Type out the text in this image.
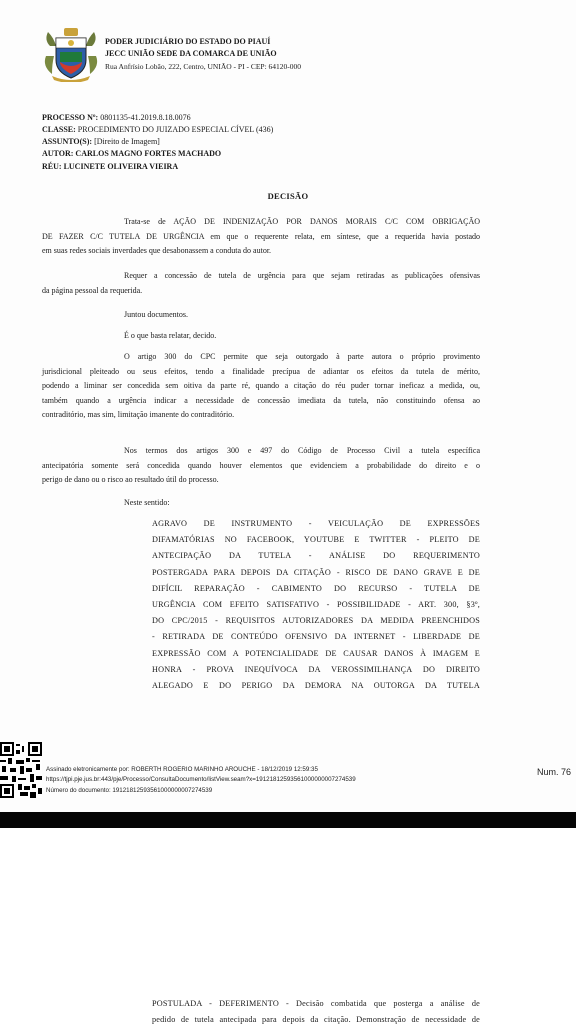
PODER JUDICIÁRIO DO ESTADO DO PIAUÍ
JECC UNIÃO SEDE DA COMARCA DE UNIÃO
Rua Anfrísio Lobão, 222, Centro, UNIÃO - PI - CEP: 64120-000
PROCESSO Nº: 0801135-41.2019.8.18.0076
CLASSE: PROCEDIMENTO DO JUIZADO ESPECIAL CÍVEL (436)
ASSUNTO(S): [Direito de Imagem]
AUTOR: CARLOS MAGNO FORTES MACHADO
RÉU: LUCINETE OLIVEIRA VIEIRA
DECISÃO
Trata-se de AÇÃO DE INDENIZAÇÃO POR DANOS MORAIS C/C COM OBRIGAÇÃO
DE FAZER C/C TUTELA DE URGÊNCIA em que o requerente relata, em síntese, que a requerida havia postado
em suas redes sociais inverdades que desabonassem a conduta do autor.
Requer a concessão de tutela de urgência para que sejam retiradas as publicações ofensivas
da página pessoal da requerida.
Juntou documentos.
É o que basta relatar, decido.
O artigo 300 do CPC permite que seja outorgado à parte autora o próprio provimento
jurisdicional pleiteado ou seus efeitos, tendo a finalidade precípua de adiantar os efeitos da tutela de mérito,
podendo a liminar ser concedida sem oitiva da parte ré, quando a citação do réu puder tornar ineficaz a medida, ou,
também quando a urgência indicar a necessidade de concessão imediata da tutela, não constituindo ofensa ao
contraditório, mas sim, limitação imanente do contraditório.
Nos termos dos artigos 300 e 497 do Código de Processo Civil a tutela específica
antecipatória somente será concedida quando houver elementos que evidenciem a probabilidade do direito e o
perigo de dano ou o risco ao resultado útil do processo.
Neste sentido:
AGRAVO DE INSTRUMENTO - VEICULAÇÃO DE EXPRESSÕES
DIFAMATÓRIAS NO FACEBOOK, YOUTUBE E TWITTER - PLEITO DE
ANTECIPAÇÃO DA TUTELA - ANÁLISE DO REQUERIMENTO
POSTERGADA PARA DEPOIS DA CITAÇÃO - RISCO DE DANO GRAVE E DE
DIFÍCIL REPARAÇÃO - CABIMENTO DO RECURSO - TUTELA DE
URGÊNCIA COM EFEITO SATISFATIVO - POSSIBILIDADE - ART. 300, §3º,
DO CPC/2015 - REQUISITOS AUTORIZADORES DA MEDIDA PREENCHIDOS
- RETIRADA DE CONTEÚDO OFENSIVO DA INTERNET - LIBERDADE DE
EXPRESSÃO COM A POTENCIALIDADE DE CAUSAR DANOS À IMAGEM E
HONRA - PROVA INEQUÍVOCA DA VEROSSIMILHANÇA DO DIREITO
ALEGADO E DO PERIGO DA DEMORA NA OUTORGA DA TUTELA
Assinado eletronicamente por: ROBERTH ROGERIO MARINHO AROUCHE - 18/12/2019 12:59:35
https://tjpi.pje.jus.br:443/pje/Processo/ConsultaDocumento/listView.seam?x=19121812593561000000007274539
Número do documento: 19121812593561000000007274539
Num. 76
POSTULADA - DEFERIMENTO - Decisão combatida que posterga a análise de
pedido de tutela antecipada para depois da citação. Demonstração de necessidade de
